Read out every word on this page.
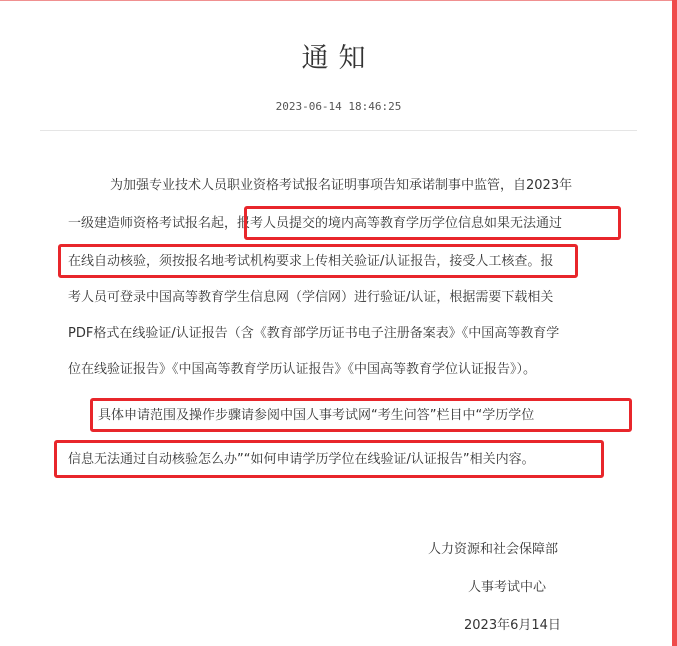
通知
2023-06-14 18:46:25
为加强专业技术人员职业资格考试报名证明事项告知承诺制事中监管，自2023年
一级建造师资格考试报名起，报考人员提交的境内高等教育学历学位信息如果无法通过
在线自动核验，须按报名地考试机构要求上传相关验证/认证报告，接受人工核查。报
考人员可登录中国高等教育学生信息网（学信网）进行验证/认证，根据需要下载相关
PDF格式在线验证/认证报告（含《教育部学历证书电子注册备案表》《中国高等教育学
位在线验证报告》《中国高等教育学历认证报告》《中国高等教育学位认证报告》）。
具体申请范围及操作步骤请参阅中国人事考试网“考生问答”栏目中“学历学位
信息无法通过自动核验怎么办”“如何申请学历学位在线验证/认证报告”相关内容。
人力资源和社会保障部
人事考试中心
2023年6月14日
